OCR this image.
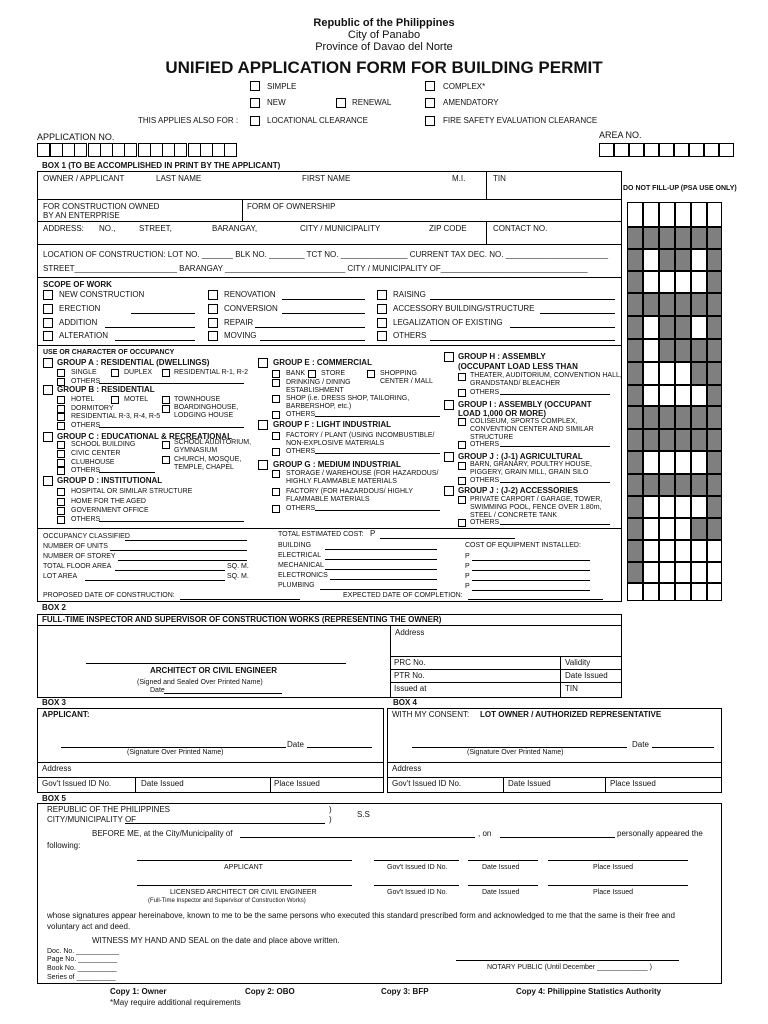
Republic of the Philippines
City of Panabo
Province of Davao del Norte
UNIFIED APPLICATION FORM FOR BUILDING PERMIT
SIMPLE	COMPLEX*
NEW	RENEWAL	AMENDATORY
THIS APPLIES ALSO FOR :	LOCATIONAL CLEARANCE	FIRE SAFETY EVALUATION CLEARANCE
APPLICATION NO.	AREA NO.
BOX 1 (TO BE ACCOMPLISHED IN PRINT BY THE APPLICANT)
OWNER / APPLICANT	LAST NAME	FIRST NAME	M.I.	TIN
FOR CONSTRUCTION OWNED
BY AN ENTERPRISE
FORM OF OWNERSHIP
ADDRESS: NO.,	STREET,	BARANGAY,	CITY / MUNICIPALITY	ZIP CODE	CONTACT NO.
LOCATION OF CONSTRUCTION: LOT NO. _______ BLK NO. ________ TCT NO. _______________ CURRENT TAX DEC. NO. _______________________
STREET_______________________ BARANGAY ___________________________ CITY / MUNICIPALITY OF_________________________________
SCOPE OF WORK
NEW CONSTRUCTION
ERECTION
ADDITION
ALTERATION
RENOVATION
CONVERSION
REPAIR
MOVING
RAISING
ACCESSORY BUILDING/STRUCTURE
LEGALIZATION OF EXISTING
OTHERS
USE OR CHARACTER OF OCCUPANCY
GROUP A : RESIDENTIAL (DWELLINGS)
SINGLE	DUPLEX	RESIDENTIAL R-1, R-2
OTHERS
GROUP B : RESIDENTIAL
HOTEL	MOTEL	TOWNHOUSE
DORMITORY	BOARDINGHOUSE,
LODGING HOUSE
RESIDENTIAL R-3, R-4, R-5
OTHERS
GROUP C : EDUCATIONAL & RECREATIONAL
SCHOOL BUILDING	SCHOOL AUDITORIUM,
GYMNASIUM
CIVIC CENTER
CLUBHOUSE	CHURCH, MOSQUE,
TEMPLE, CHAPEL
OTHERS
GROUP D : INSTITUTIONAL
HOSPITAL OR SIMILAR STRUCTURE
HOME FOR THE AGED
GOVERNMENT OFFICE
OTHERS
GROUP E : COMMERCIAL
BANK STORE	SHOPPING
CENTER / MALL
DRINKING / DINING
ESTABLISHMENT
SHOP (i.e. DRESS SHOP, TAILORING,
BARBERSHOP, etc.)
OTHERS
GROUP F : LIGHT INDUSTRIAL
FACTORY / PLANT (USING INCOMBUSTIBLE/
NON-EXPLOSIVE MATERIALS
OTHERS
GROUP G : MEDIUM INDUSTRIAL
STORAGE / WAREHOUSE (FOR HAZARDOUS/
HIGHLY FLAMMABLE MATERIALS
FACTORY (FOR HAZARDOUS/ HIGHLY
FLAMMABLE MATERIALS
OTHERS
GROUP H : ASSEMBLY
(OCCUPANT LOAD LESS THAN
THEATER, AUDITORIUM, CONVENTION HALL,
GRANDSTAND/ BLEACHER
OTHERS
GROUP I : ASSEMBLY (OCCUPANT
LOAD 1,000 OR MORE)
COLISEUM, SPORTS COMPLEX,
CONVENTION CENTER AND SIMILAR
STRUCTURE
OTHERS
GROUP J : (J-1) AGRICULTURAL
BARN, GRANARY, POULTRY HOUSE,
PIGGERY, GRAIN MILL, GRAIN SILO
OTHERS
GROUP J : (J-2) ACCESSORIES
PRIVATE CARPORT / GARAGE, TOWER,
SWIMMING POOL, FENCE OVER 1.80m,
STEEL / CONCRETE TANK
OTHERS
OCCUPANCY CLASSIFIED
NUMBER OF UNITS
NUMBER OF STOREY
TOTAL FLOOR AREA	SQ. M.
LOT AREA	SQ. M.
TOTAL ESTIMATED COST: P
BUILDING
ELECTRICAL
MECHANICAL
ELECTRONICS
PLUMBING
COST OF EQUIPMENT INSTALLED:
P
P
P
P
PROPOSED DATE OF CONSTRUCTION:	EXPECTED DATE OF COMPLETION:
DO NOT FILL-UP (PSA USE ONLY)
BOX 2
FULL-TIME INSPECTOR AND SUPERVISOR OF CONSTRUCTION WORKS (REPRESENTING THE OWNER)
Address
ARCHITECT OR CIVIL ENGINEER
(Signed and Sealed Over Printed Name)
Date
PRC No.	Validity
PTR No.	Date Issued
Issued at	TIN
BOX 3	BOX 4
APPLICANT:
Date
(Signature Over Printed Name)
Address
Gov't Issued ID No.	Date Issued	Place Issued
WITH MY CONSENT: LOT OWNER / AUTHORIZED REPRESENTATIVE
Date
(Signature Over Printed Name)
Address
Gov't Issued ID No.	Date Issued	Place Issued
BOX 5
REPUBLIC OF THE PHILIPPINES	)
CITY/MUNICIPALITY OF	)
S.S
BEFORE ME, at the City/Municipality of	, on	personally appeared the
following:
APPLICANT	Gov't Issued ID No.	Date Issued	Place Issued
LICENSED ARCHITECT OR CIVIL ENGINEER
(Full-Time Inspector and Supervisor of Construction Works)
Gov't Issued ID No.	Date Issued	Place Issued
whose signatures appear hereinabove, known to me to be the same persons who executed this standard prescribed form and acknowledged to me that the same is their free and
voluntary act and deed.
WITNESS MY HAND AND SEAL on the date and place above written.
Doc. No. ___________
Page No. __________
Book No. __________
Series of __________
NOTARY PUBLIC (Until December _____________ )
Copy 1: Owner	Copy 2: OBO	Copy 3: BFP	Copy 4: Philippine Statistics Authority
*May require additional requirements
